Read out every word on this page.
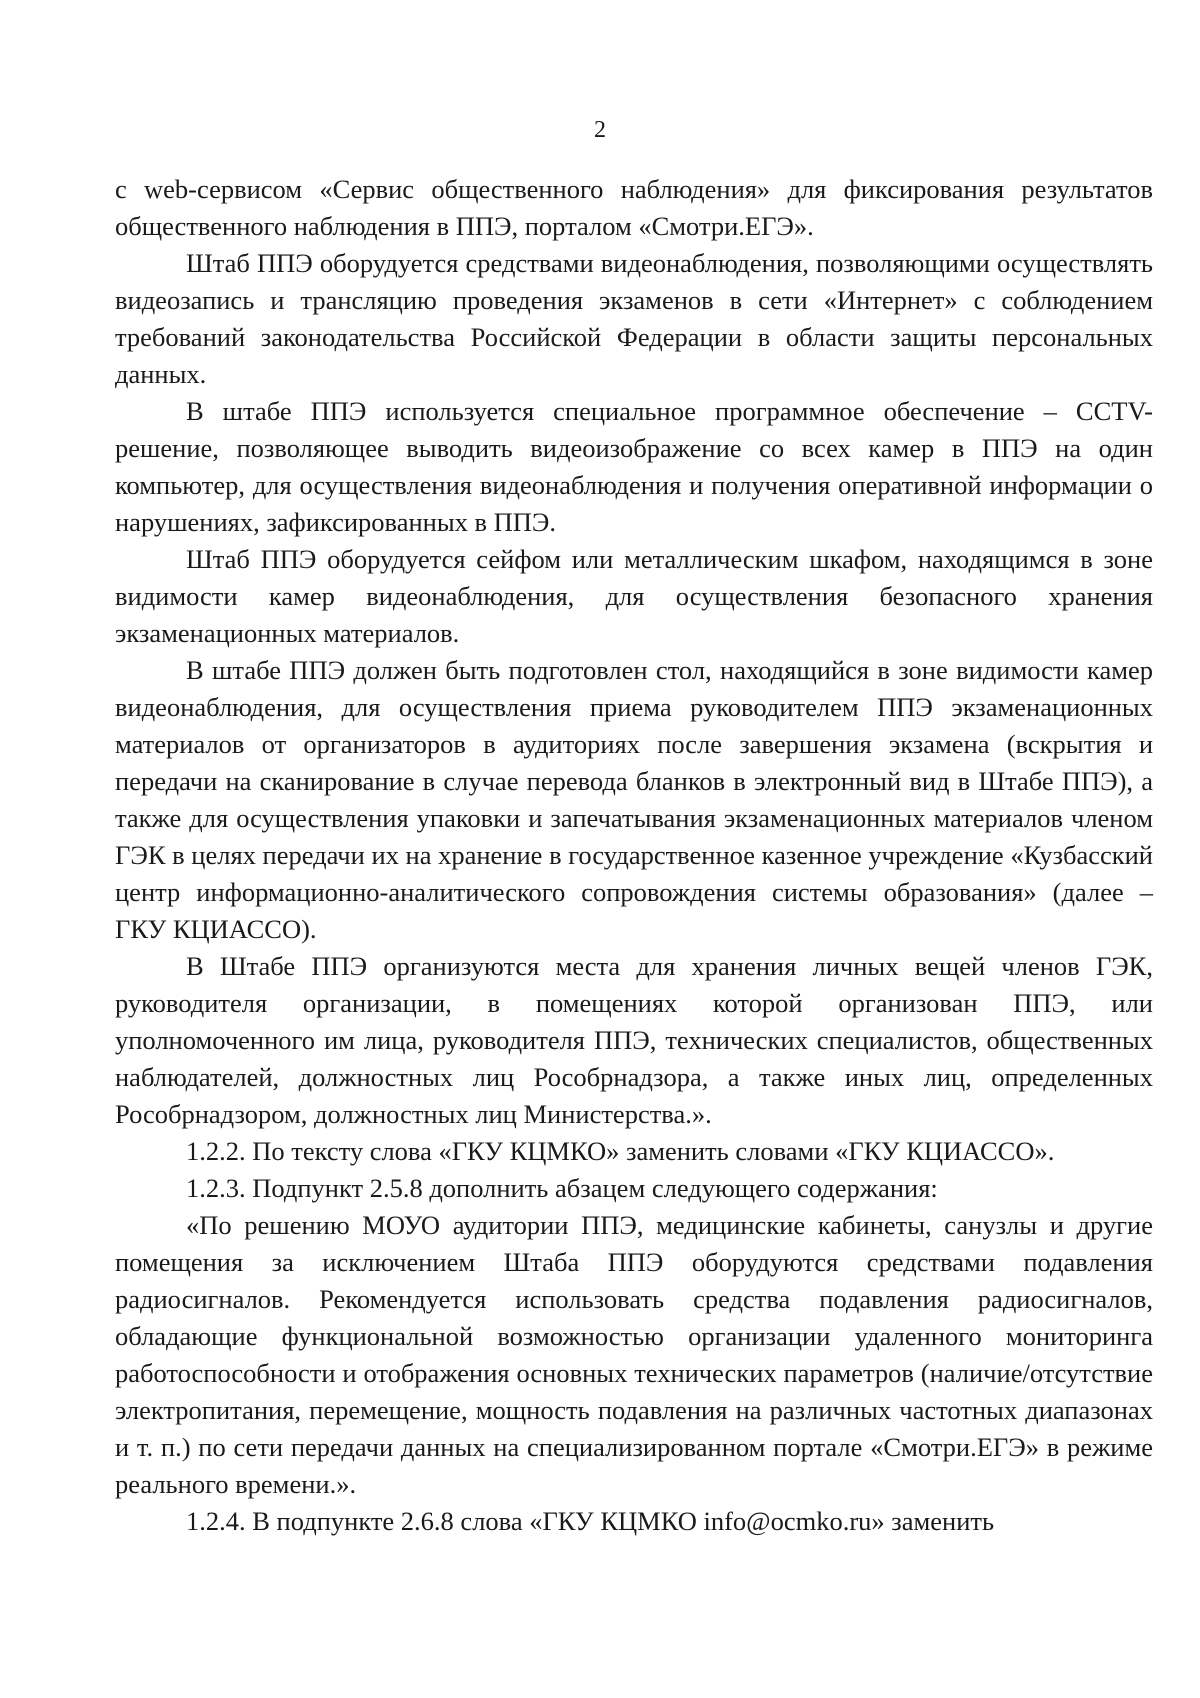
2

с web-сервисом «Сервис общественного наблюдения» для фиксирования результатов общественного наблюдения в ППЭ, порталом «Смотри.ЕГЭ».

Штаб ППЭ оборудуется средствами видеонаблюдения, позволяющими осуществлять видеозапись и трансляцию проведения экзаменов в сети «Интернет» с соблюдением требований законодательства Российской Федерации в области защиты персональных данных.

В штабе ППЭ используется специальное программное обеспечение – CCTV-решение, позволяющее выводить видеоизображение со всех камер в ППЭ на один компьютер, для осуществления видеонаблюдения и получения оперативной информации о нарушениях, зафиксированных в ППЭ.

Штаб ППЭ оборудуется сейфом или металлическим шкафом, находящимся в зоне видимости камер видеонаблюдения, для осуществления безопасного хранения экзаменационных материалов.

В штабе ППЭ должен быть подготовлен стол, находящийся в зоне видимости камер видеонаблюдения, для осуществления приема руководителем ППЭ экзаменационных материалов от организаторов в аудиториях после завершения экзамена (вскрытия и передачи на сканирование в случае перевода бланков в электронный вид в Штабе ППЭ), а также для осуществления упаковки и запечатывания экзаменационных материалов членом ГЭК в целях передачи их на хранение в государственное казенное учреждение «Кузбасский центр информационно-аналитического сопровождения системы образования» (далее – ГКУ КЦИАССО).

В Штабе ППЭ организуются места для хранения личных вещей членов ГЭК, руководителя организации, в помещениях которой организован ППЭ, или уполномоченного им лица, руководителя ППЭ, технических специалистов, общественных наблюдателей, должностных лиц Рособрнадзора, а также иных лиц, определенных Рособрнадзором, должностных лиц Министерства.».

1.2.2. По тексту слова «ГКУ КЦМКО» заменить словами «ГКУ КЦИАССО».

1.2.3. Подпункт 2.5.8 дополнить абзацем следующего содержания:

«По решению МОУО аудитории ППЭ, медицинские кабинеты, санузлы и другие помещения за исключением Штаба ППЭ оборудуются средствами подавления радиосигналов. Рекомендуется использовать средства подавления радиосигналов, обладающие функциональной возможностью организации удаленного мониторинга работоспособности и отображения основных технических параметров (наличие/отсутствие электропитания, перемещение, мощность подавления на различных частотных диапазонах и т. п.) по сети передачи данных на специализированном портале «Смотри.ЕГЭ» в режиме реального времени.».

1.2.4. В подпункте 2.6.8 слова «ГКУ КЦМКО info@ocmko.ru» заменить
